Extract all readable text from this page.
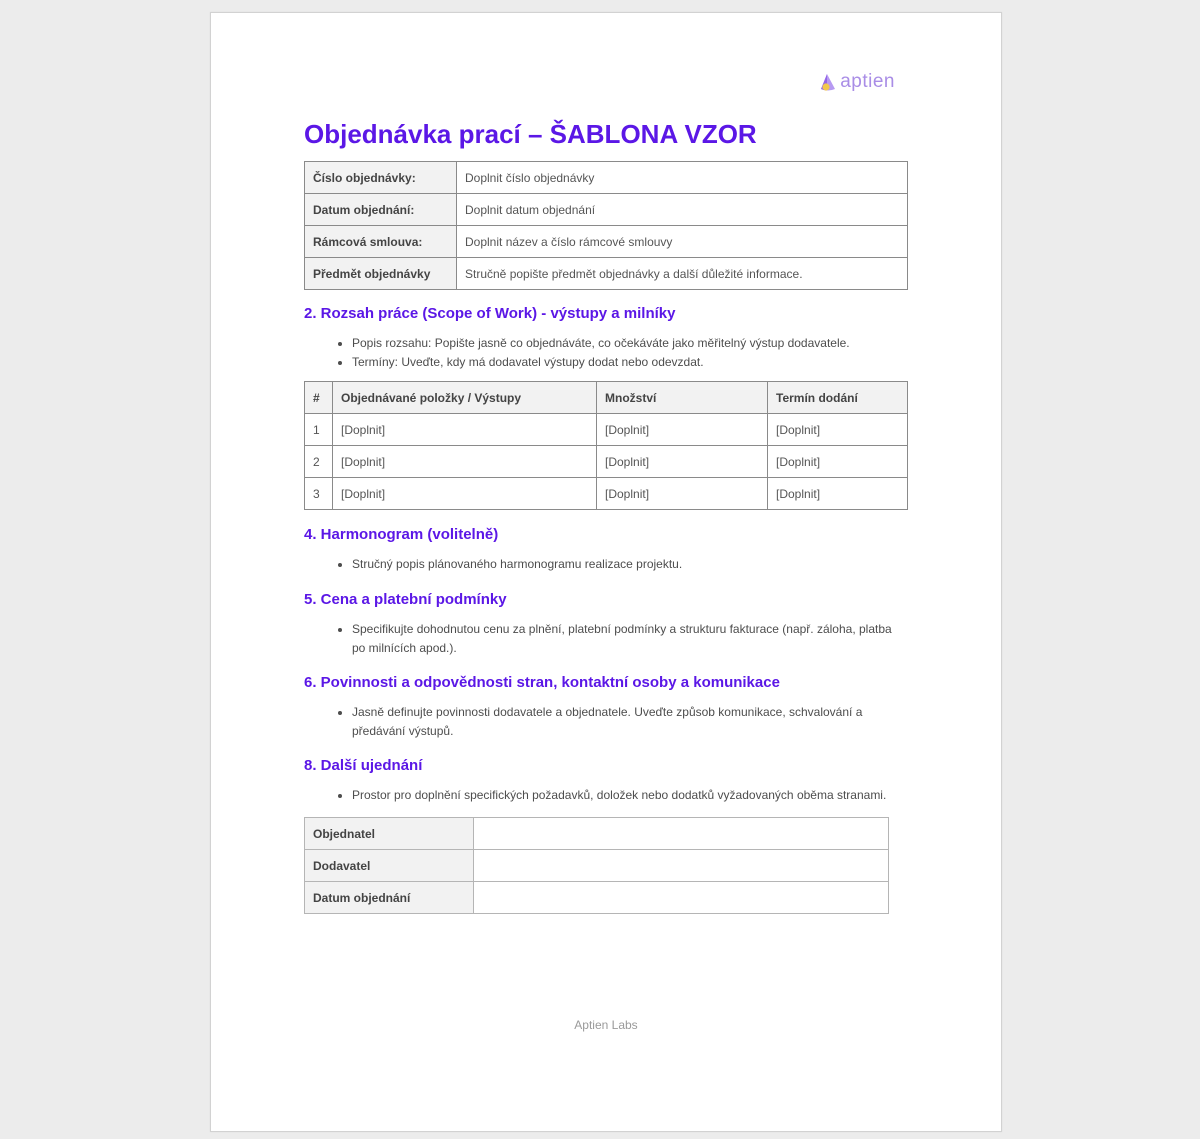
aptien
Objednávka prací – ŠABLONA VZOR
Číslo objednávky:	Doplnit číslo objednávky
Datum objednání:	Doplnit datum objednání
Rámcová smlouva:	Doplnit název a číslo rámcové smlouvy
Předmět objednávky	Stručně popište předmět objednávky a další důležité informace.
2. Rozsah práce (Scope of Work) - výstupy a milníky
• Popis rozsahu: Popište jasně co objednáváte, co očekáváte jako měřitelný výstup dodavatele.
• Termíny: Uveďte, kdy má dodavatel výstupy dodat nebo odevzdat.
#	Objednávané položky / Výstupy	Množství	Termín dodání
1	[Doplnit]	[Doplnit]	[Doplnit]
2	[Doplnit]	[Doplnit]	[Doplnit]
3	[Doplnit]	[Doplnit]	[Doplnit]
4. Harmonogram (volitelně)
• Stručný popis plánovaného harmonogramu realizace projektu.
5. Cena a platební podmínky
• Specifikujte dohodnutou cenu za plnění, platební podmínky a strukturu fakturace (např. záloha, platba po milnících apod.).
6. Povinnosti a odpovědnosti stran, kontaktní osoby a komunikace
• Jasně definujte povinnosti dodavatele a objednatele. Uveďte způsob komunikace, schvalování a předávání výstupů.
8. Další ujednání
• Prostor pro doplnění specifických požadavků, doložek nebo dodatků vyžadovaných oběma stranami.
Objednatel	
Dodavatel	
Datum objednání	
Aptien Labs
